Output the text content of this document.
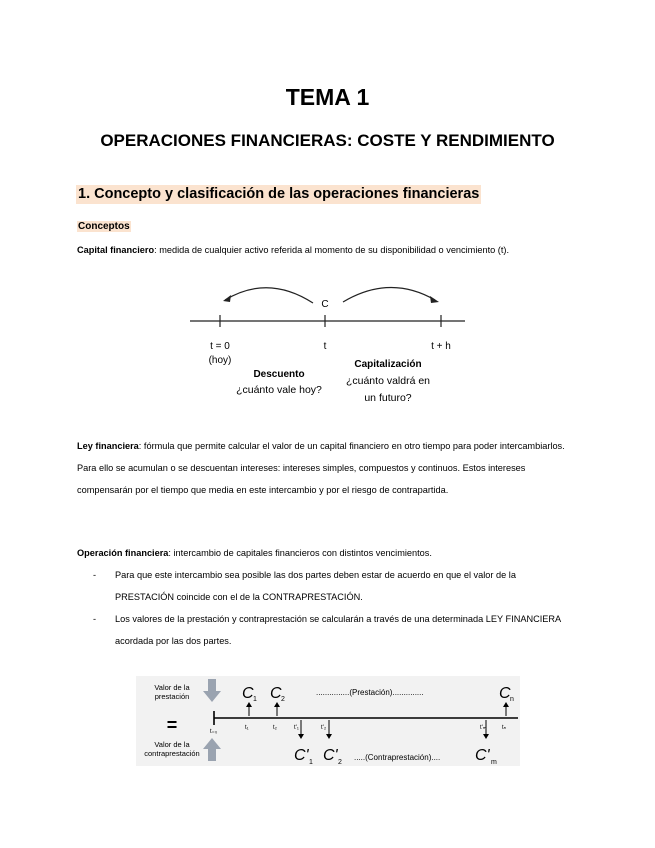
TEMA 1
OPERACIONES FINANCIERAS: COSTE Y RENDIMIENTO
1. Concepto y clasificación de las operaciones financieras
Conceptos
Capital financiero: medida de cualquier activo referida al momento de su disponibilidad o vencimiento (t).
C
t = 0
(hoy)
t	t + h
Descuento
¿cuánto vale hoy?
Capitalización
¿cuánto valdrá en
un futuro?
Ley financiera: fórmula que permite calcular el valor de un capital financiero en otro tiempo para poder intercambiarlos. Para ello se acumulan o se descuentan intereses: intereses simples, compuestos y continuos. Estos intereses compensarán por el tiempo que media en este intercambio y por el riesgo de contrapartida.
Operación financiera: intercambio de capitales financieros con distintos vencimientos.
- Para que este intercambio sea posible las dos partes deben estar de acuerdo en que el valor de la PRESTACIÓN coincide con el de la CONTRAPRESTACIÓN.
- Los valores de la prestación y contraprestación se calcularán a través de una determinada LEY FINANCIERA acordada por las dos partes.
Valor de la
prestación
=
Valor de la
contraprestación
C 1 C 2
...............(Prestación)..............	C n
t₌₀
t₁	t₂	t'₁	t'₂	t'ₘ	tₙ
C' 1 C' 2
.....(Contraprestación).... C' m
